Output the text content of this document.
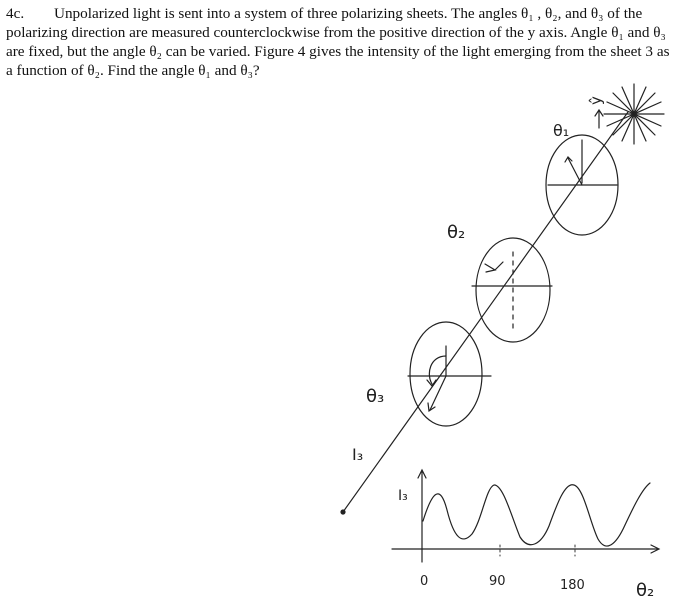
4c. Unpolarized light is sent into a system of three polarizing sheets. The angles θ₁ , θ₂, and θ₃ of the polarizing direction are measured counterclockwise from the positive direction of the y axis. Angle θ₁ and θ₃ are fixed, but the angle θ₂ can be varied. Figure 4 gives the intensity of the light emerging from the sheet 3 as a function of θ₂. Find the angle θ₁ and θ₃?
ŷ
θ₁
θ₂
θ₃
I₃
I₃
0	90	180	θ₂
